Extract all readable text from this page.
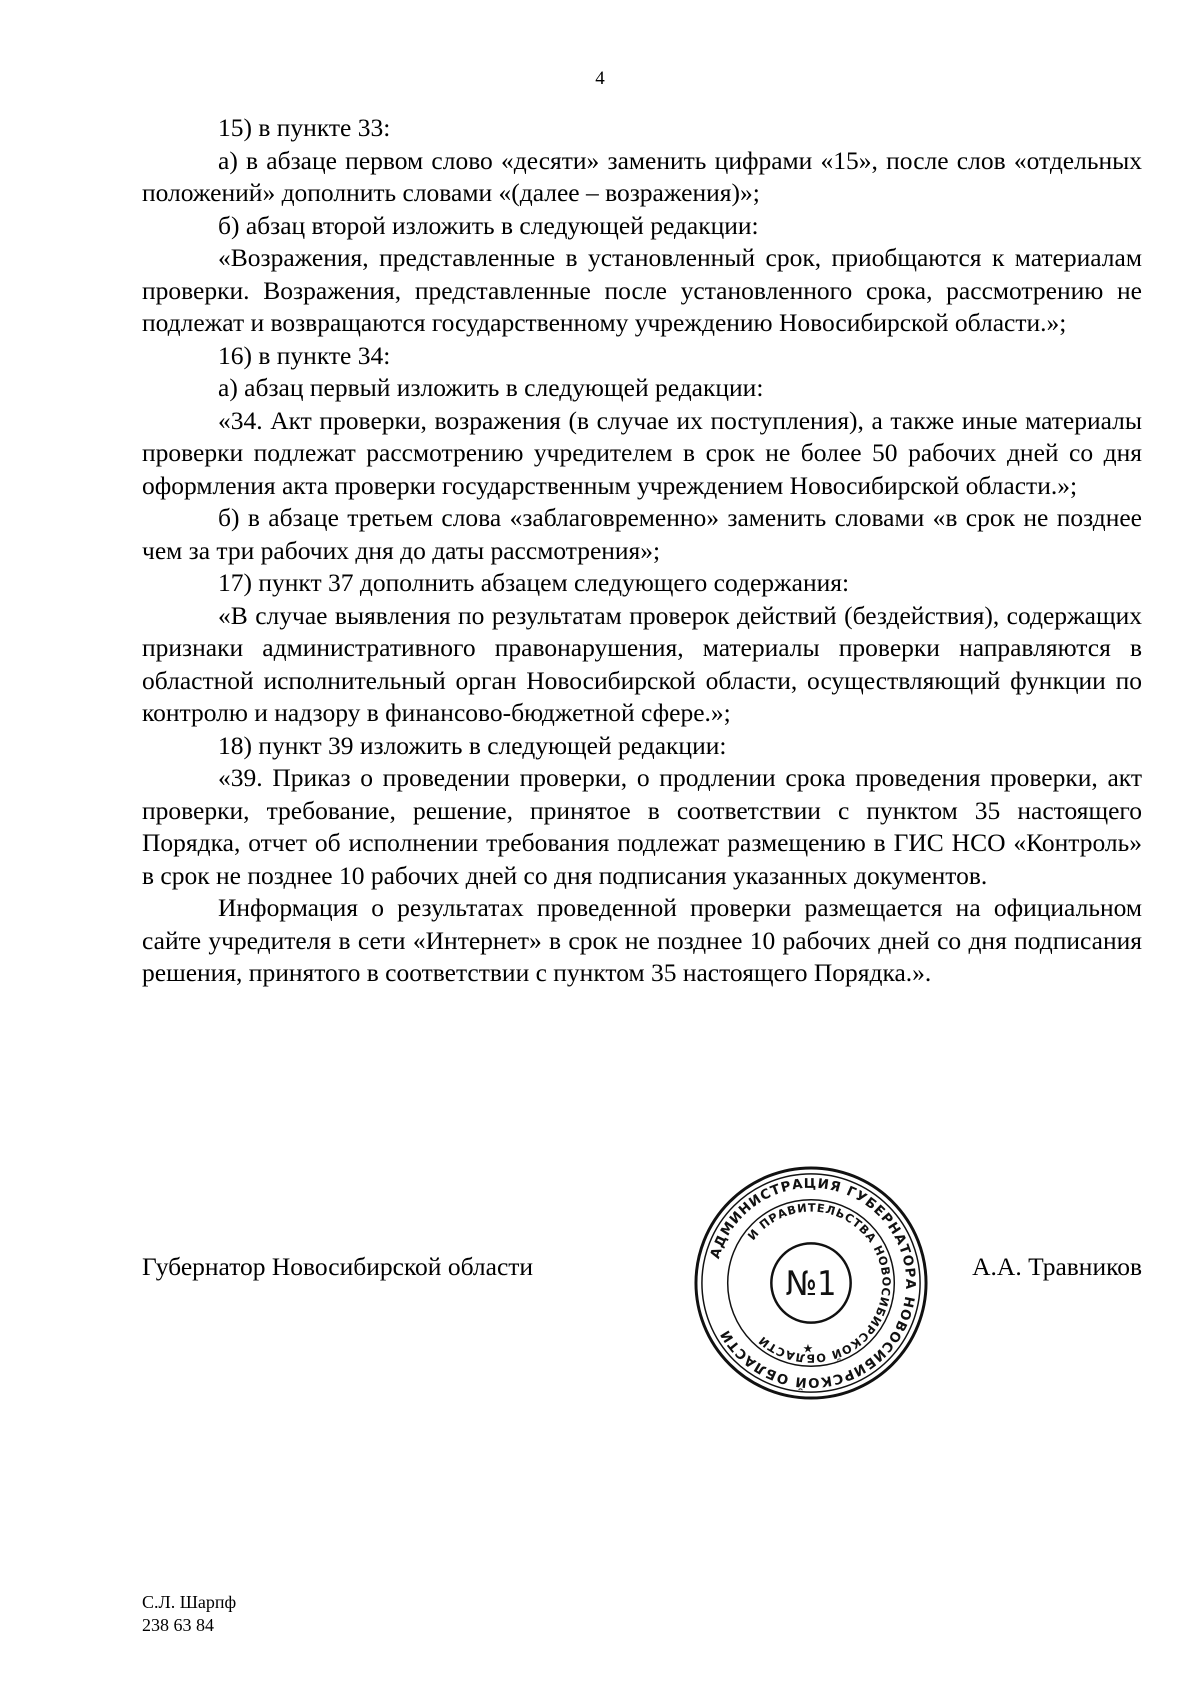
4

15) в пункте 33:

а) в абзаце первом слово «десяти» заменить цифрами «15», после слов «отдельных положений» дополнить словами «(далее – возражения)»;

б) абзац второй изложить в следующей редакции:

«Возражения, представленные в установленный срок, приобщаются к материалам проверки. Возражения, представленные после установленного срока, рассмотрению не подлежат и возвращаются государственному учреждению Новосибирской области.»;

16) в пункте 34:

а) абзац первый изложить в следующей редакции:

«34. Акт проверки, возражения (в случае их поступления), а также иные материалы проверки подлежат рассмотрению учредителем в срок не более 50 рабочих дней со дня оформления акта проверки государственным учреждением Новосибирской области.»;

б) в абзаце третьем слова «заблаговременно» заменить словами «в срок не позднее чем за три рабочих дня до даты рассмотрения»;

17) пункт 37 дополнить абзацем следующего содержания:

«В случае выявления по результатам проверок действий (бездействия), содержащих признаки административного правонарушения, материалы проверки направляются в областной исполнительный орган Новосибирской области, осуществляющий функции по контролю и надзору в финансово-бюджетной сфере.»;

18) пункт 39 изложить в следующей редакции:

«39. Приказ о проведении проверки, о продлении срока проведения проверки, акт проверки, требование, решение, принятое в соответствии с пунктом 35 настоящего Порядка, отчет об исполнении требования подлежат размещению в ГИС НСО «Контроль» в срок не позднее 10 рабочих дней со дня подписания указанных документов.

Информация о результатах проведенной проверки размещается на официальном сайте учредителя в сети «Интернет» в срок не позднее 10 рабочих дней со дня подписания решения, принятого в соответствии с пунктом 35 настоящего Порядка.».

Губернатор Новосибирской области	АДМИНИСТРАЦИЯ ГУБЕРНАТОРА НОВОСИБИРСКОЙ ОБЛАСТИ
И ПРАВИТЕЛЬСТВА НОВОСИБИРСКОЙ ОБЛАСТИ
№1
★
А.А. Травников
С.Л. Шарпф
238 63 84
